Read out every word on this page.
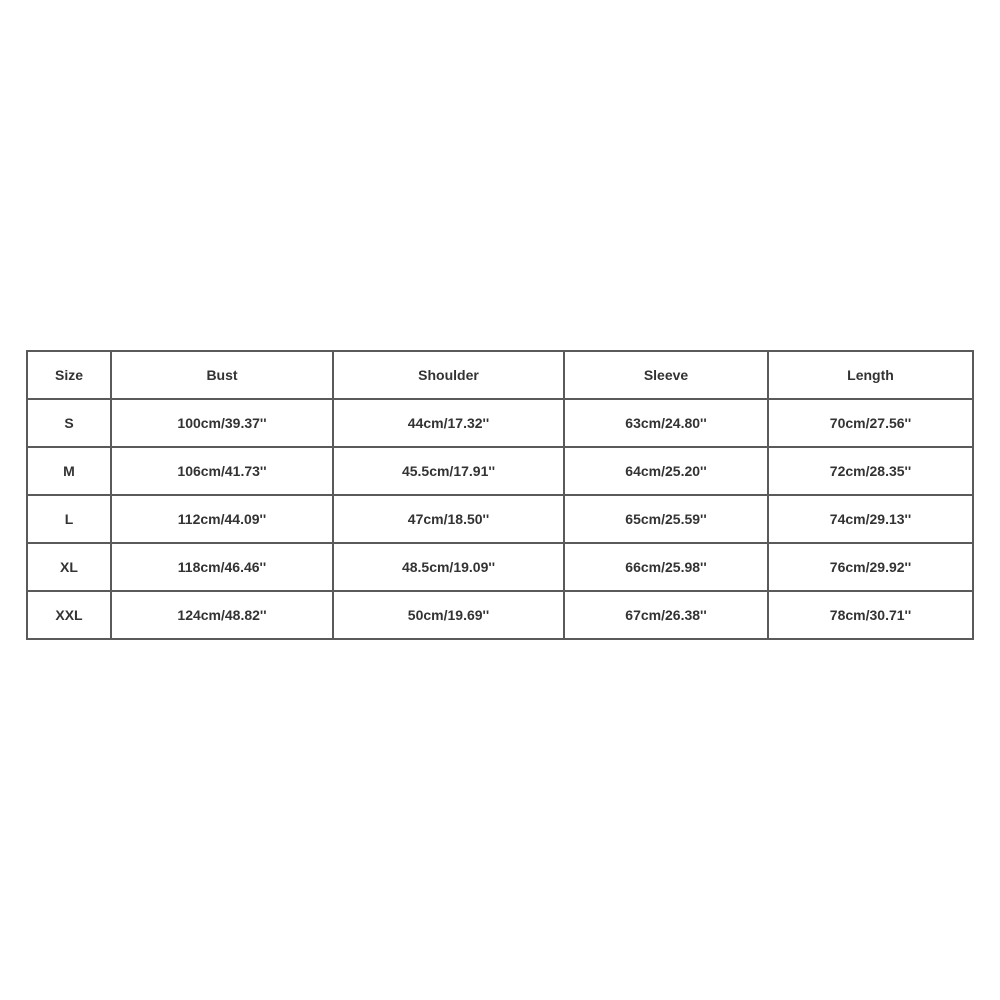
Size	Bust	Shoulder	Sleeve	Length
S	100cm/39.37''	44cm/17.32''	63cm/24.80''	70cm/27.56''
M	106cm/41.73''	45.5cm/17.91''	64cm/25.20''	72cm/28.35''
L	112cm/44.09''	47cm/18.50''	65cm/25.59''	74cm/29.13''
XL	118cm/46.46''	48.5cm/19.09''	66cm/25.98''	76cm/29.92''
XXL	124cm/48.82''	50cm/19.69''	67cm/26.38''	78cm/30.71''
